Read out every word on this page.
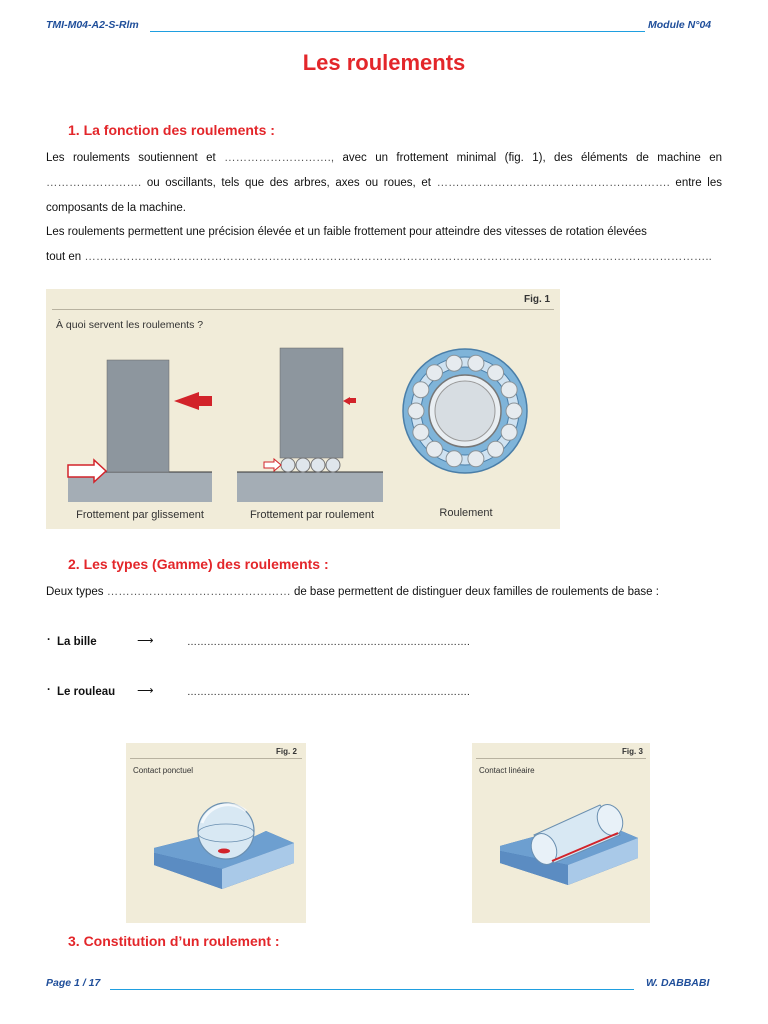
TMI-M04-A2-S-Rlm	Module N°04
Les roulements
1. La fonction des roulements :
Les roulements soutiennent et ………………………., avec un frottement minimal (fig. 1), des éléments de machine en
……………………. ou oscillants, tels que des arbres, axes ou roues, et ……………………………………………………. entre les
composants de la machine.
Les roulements permettent une précision élevée et un faible frottement pour atteindre des vitesses de rotation élevées
tout en ………………………………………………………………………………………………………………………………………………..
Fig. 1
À quoi servent les roulements ?
Frottement par glissement	Frottement par roulement	Roulement
2. Les types (Gamme) des roulements :
Deux types ………………………………………… de base permettent de distinguer deux familles de roulements de base :
· La bille	⟶	………………………………………………………………………….
· Le rouleau ⟶	………………………………………………………………………….
Fig. 2
Contact ponctuel
Fig. 3
Contact linéaire
3. Constitution d’un roulement :
Page 1 / 17	W. DABBABI
